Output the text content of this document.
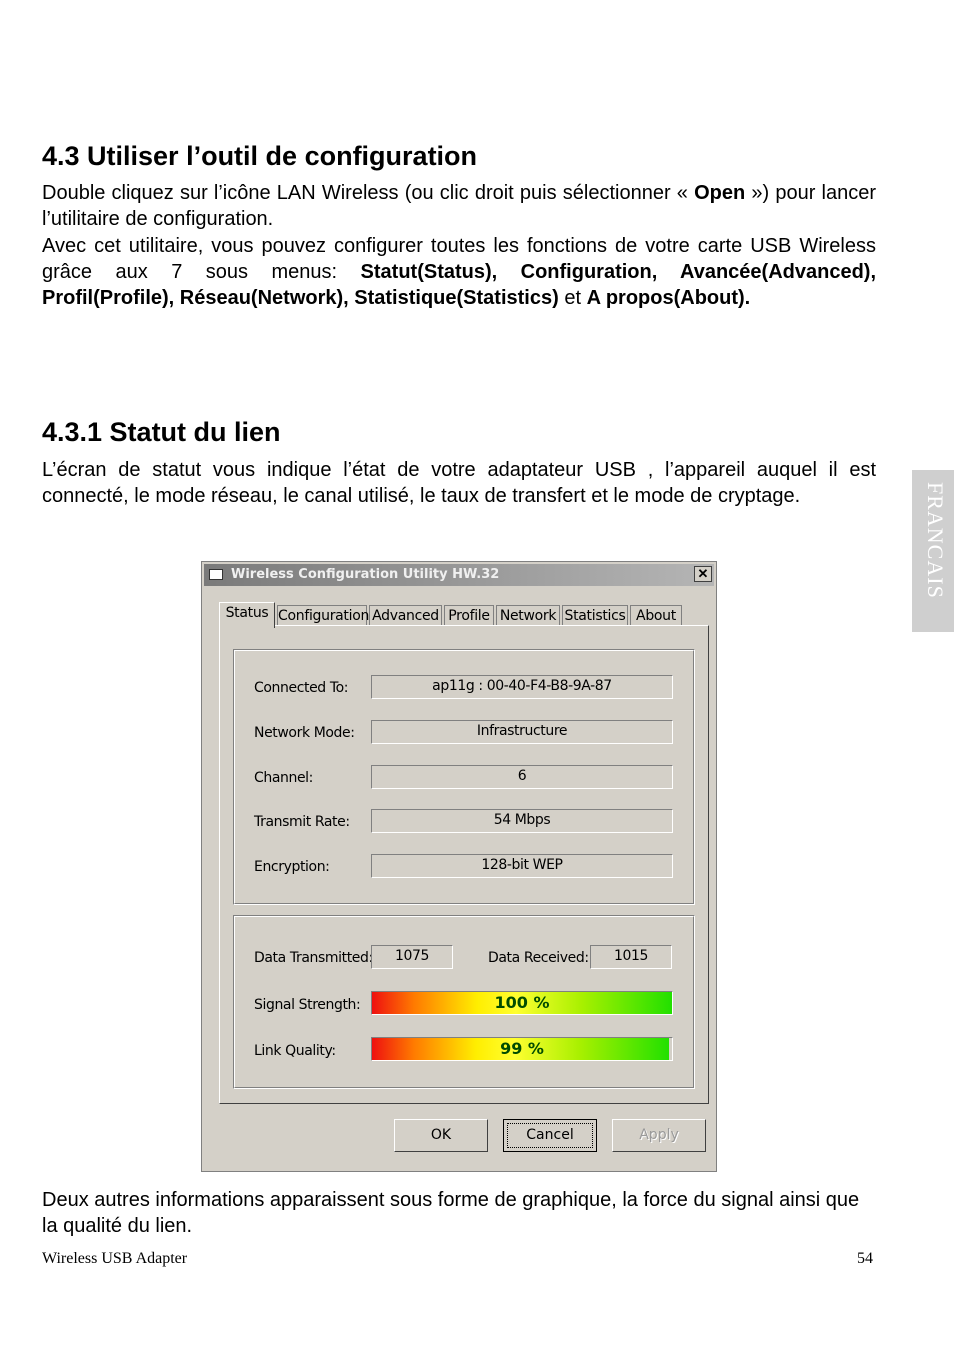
4.3 Utiliser l’outil de configuration

Double cliquez sur l’icône LAN Wireless (ou clic droit puis sélectionner « Open ») pour lancer l’utilitaire de configuration.
Avec cet utilitaire, vous pouvez configurer toutes les fonctions de votre carte USB Wireless grâce aux 7 sous menus: Statut(Status), Configuration, Avancée(Advanced), Profil(Profile), Réseau(Network), Statistique(Statistics) et A propos(About).

4.3.1 Statut du lien

L’écran de statut vous indique l’état de votre adaptateur USB , l’appareil auquel il est connecté, le mode réseau, le canal utilisé, le taux de transfert et le mode de cryptage.	FRANCAIS
Wireless Configuration Utility HW.32	✕
Status Configuration Advanced Profile Network Statistics About
Connected To:	ap11g : 00-40-F4-B8-9A-87
Network Mode:	Infrastructure
Channel:	6
Transmit Rate:	54 Mbps
Encryption:	128-bit WEP
Data Transmitted:	1075	Data Received:	1015
Signal Strength:	100 %
Link Quality:	99 %
OK	Cancel	Apply

Deux autres informations apparaissent sous forme de graphique, la force du signal ainsi que la qualité du lien.

Wireless USB Adapter	54
